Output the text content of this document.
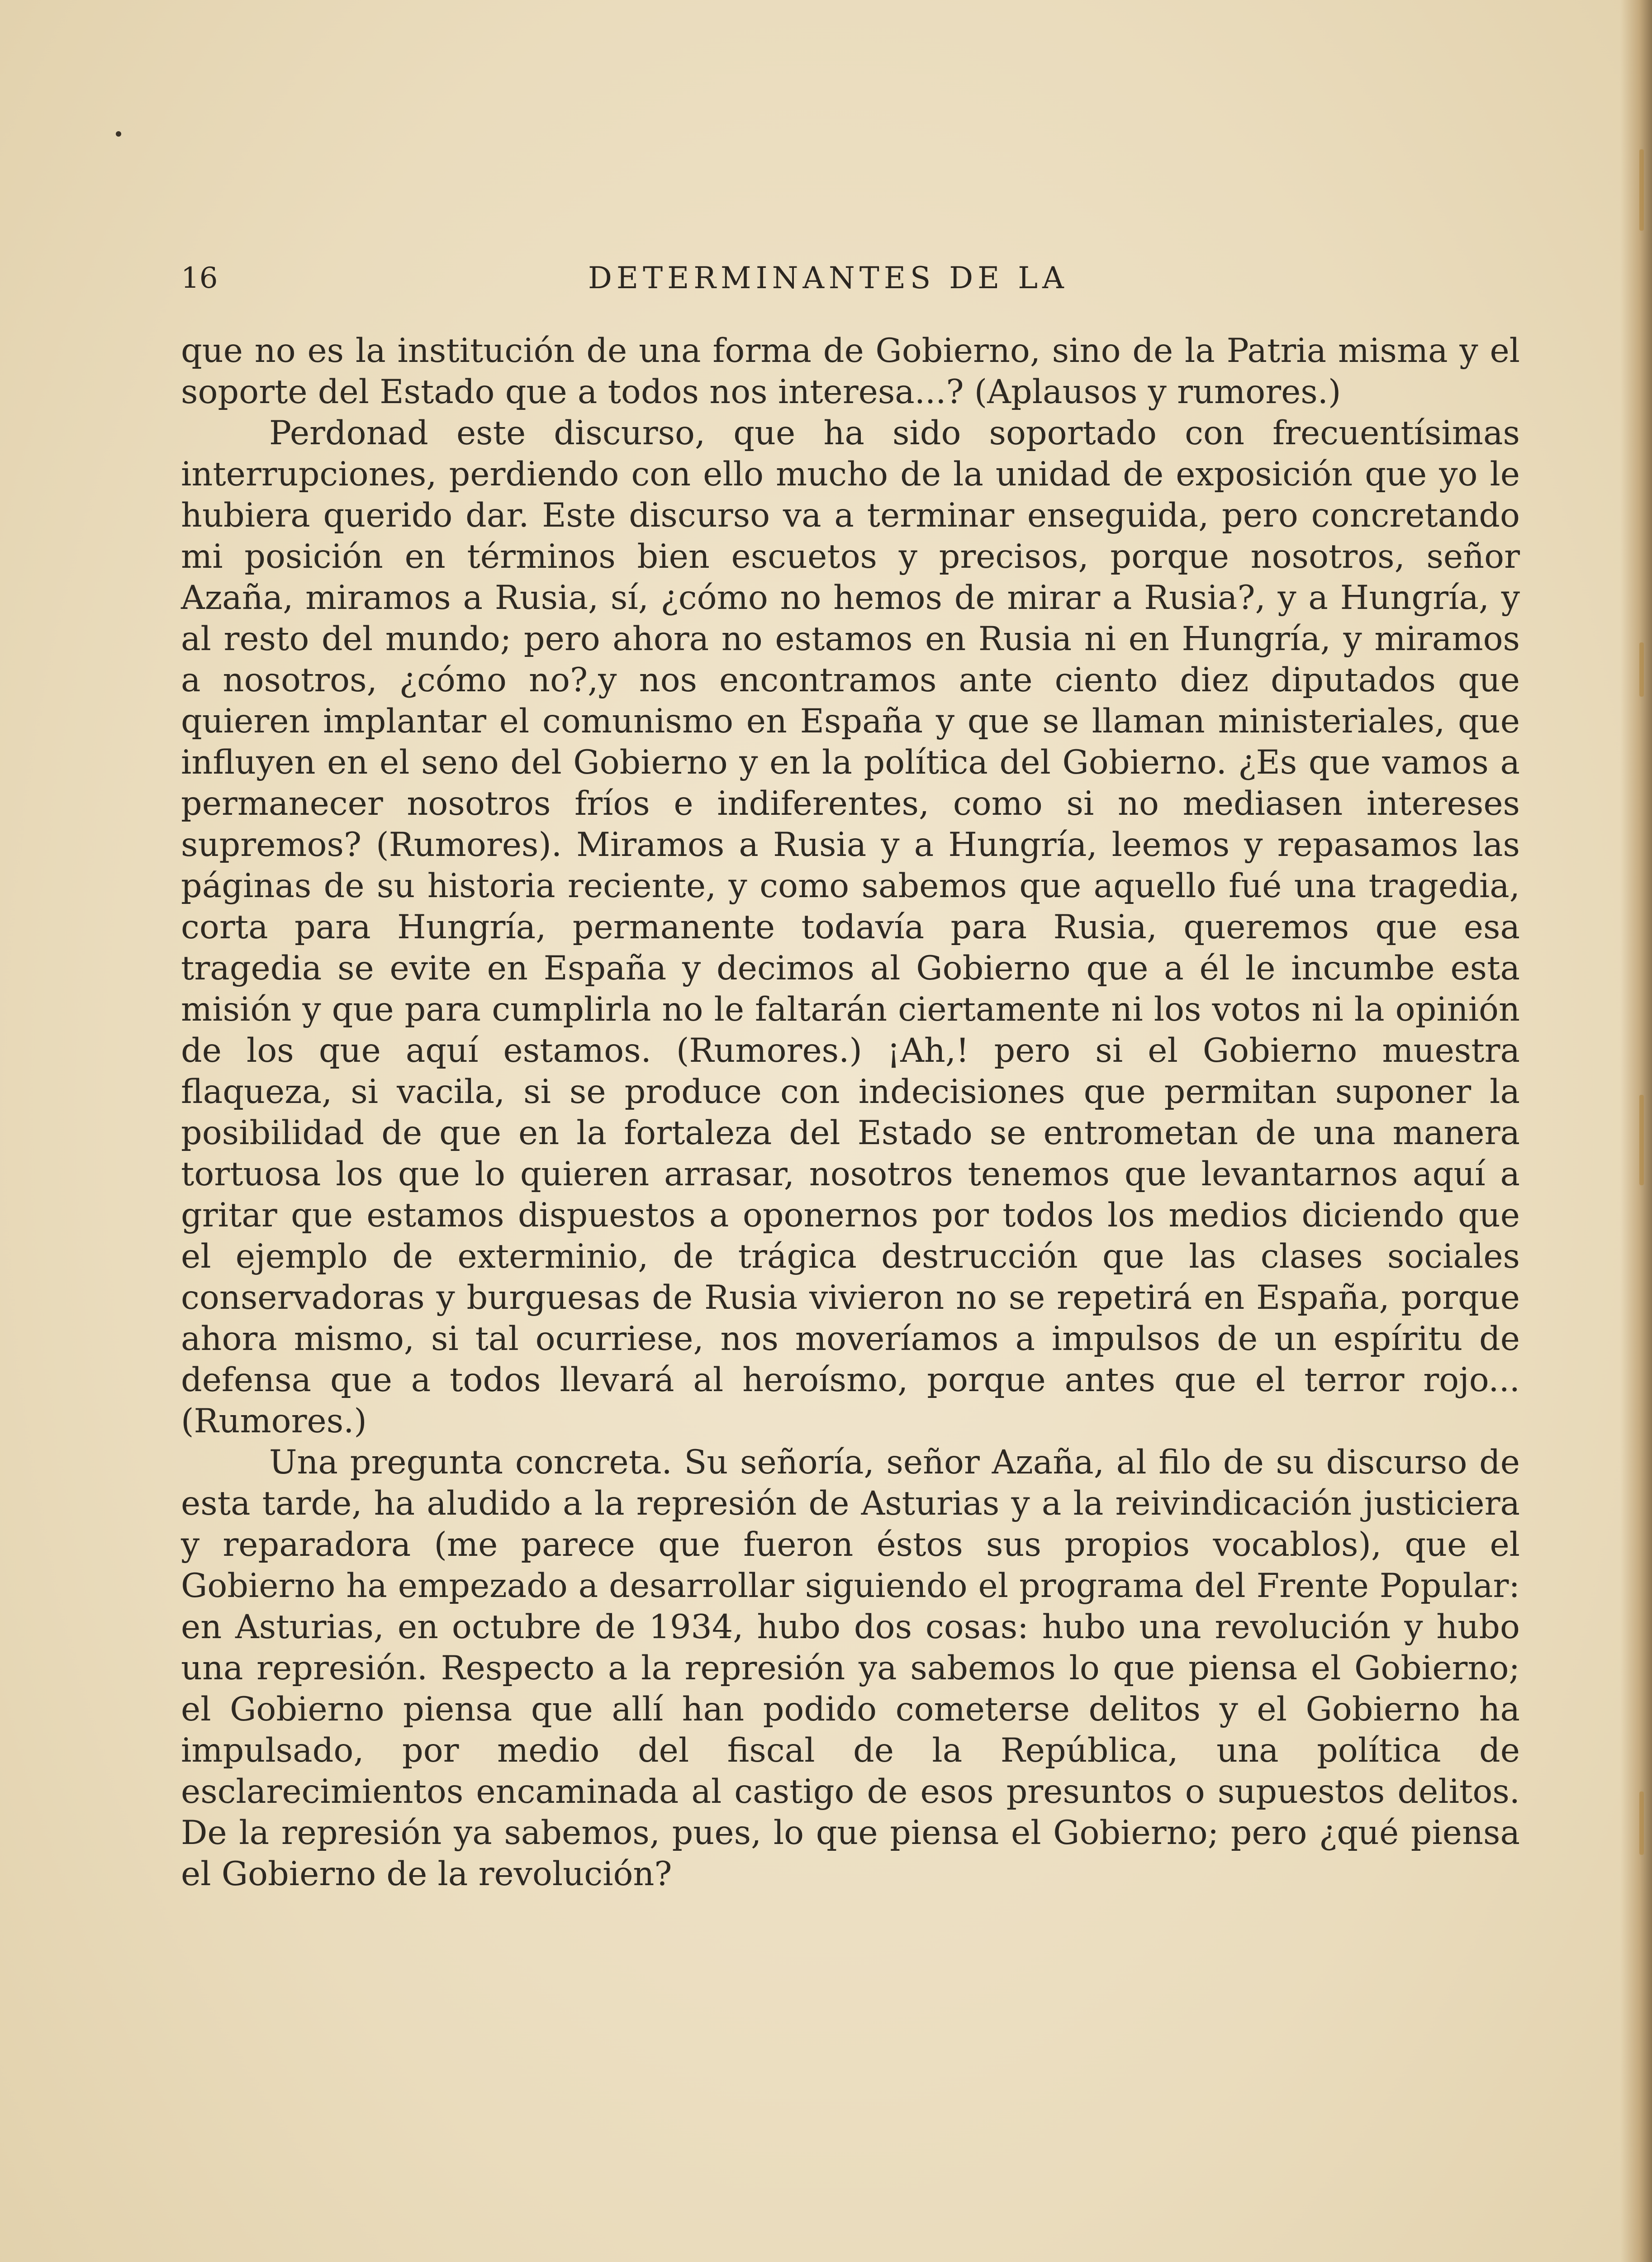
16	DETERMINANTES DE LA

que no es la institución de una forma de Gobierno, sino de la Patria misma y el soporte del Estado que a todos nos interesa...? (Aplausos y rumores.)

Perdonad este discurso, que ha sido soportado con frecuentísimas interrupciones, perdiendo con ello mucho de la unidad de exposición que yo le hubiera querido dar. Este discurso va a terminar enseguida, pero concretando mi posición en términos bien escuetos y precisos, porque nosotros, señor Azaña, miramos a Rusia, sí, ¿cómo no hemos de mirar a Rusia?, y a Hungría, y al resto del mundo; pero ahora no estamos en Rusia ni en Hungría, y miramos a nosotros, ¿cómo no?,y nos encontramos ante ciento diez diputados que quieren implantar el comunismo en España y que se llaman ministeriales, que influyen en el seno del Gobierno y en la política del Gobierno. ¿Es que vamos a permanecer nosotros fríos e indiferentes, como si no mediasen intereses supremos? (Rumores). Miramos a Rusia y a Hungría, leemos y repasamos las páginas de su historia reciente, y como sabemos que aquello fué una tragedia, corta para Hungría, permanente todavía para Rusia, queremos que esa tragedia se evite en España y decimos al Gobierno que a él le incumbe esta misión y que para cumplirla no le faltarán ciertamente ni los votos ni la opinión de los que aquí estamos. (Rumores.) ¡Ah,! pero si el Gobierno muestra flaqueza, si vacila, si se produce con indecisiones que permitan suponer la posibilidad de que en la fortaleza del Estado se entrometan de una manera tortuosa los que lo quieren arrasar, nosotros tenemos que levantarnos aquí a gritar que estamos dispuestos a oponernos por todos los medios diciendo que el ejemplo de exterminio, de trágica destrucción que las clases sociales conservadoras y burguesas de Rusia vivieron no se repetirá en España, porque ahora mismo, si tal ocurriese, nos moveríamos a impulsos de un espíritu de defensa que a todos llevará al heroísmo, porque antes que el terror rojo... (Rumores.)

Una pregunta concreta. Su señoría, señor Azaña, al filo de su discurso de esta tarde, ha aludido a la represión de Asturias y a la reivindicación justiciera y reparadora (me parece que fueron éstos sus propios vocablos), que el Gobierno ha empezado a desarrollar siguiendo el programa del Frente Popular: en Asturias, en octubre de 1934, hubo dos cosas: hubo una revolución y hubo una represión. Respecto a la represión ya sabemos lo que piensa el Gobierno; el Gobierno piensa que allí han podido cometerse delitos y el Gobierno ha impulsado, por medio del fiscal de la República, una política de esclarecimientos encaminada al castigo de esos presuntos o supuestos delitos. De la represión ya sabemos, pues, lo que piensa el Gobierno; pero ¿qué piensa el Gobierno de la revolución?
